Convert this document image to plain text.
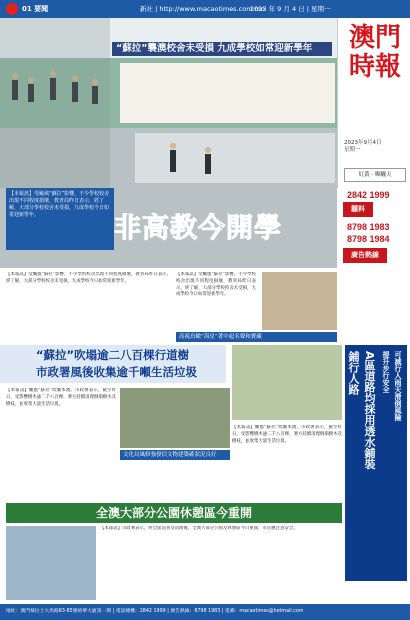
01 要聞	新社 | http://www.macaotimes.com.mo
2023 年 9 月 4 日 | 星期一
“蘇拉”襲澳校舍未受損 九成學校如常迎新學年
【本報訊】受颱風“蘇拉”影響，不少學校校舍出現不同程度損壞，教青局昨日表示，經了解，大部分學校校舍未受損，九成學校今日如常迎新學年。	非高教今開學
澳門時報
2023年9月4日
星期一
紅黃 · 曝曬天
2842 1999
囍料
8798 1983
8798 1984
廣告熱線
【本報訊】受颱風“蘇拉”影響，不少學校校舍出現不同程度損壞，教青局昨日表示，經了解，大部分學校校舍未受損，九成學校今日如常迎新學年。
【本報訊】受颱風“蘇拉”影響，不少學校校舍出現不同程度損壞，教青局昨日表示，經了解，大部分學校校舍未受損，九成學校今日如常迎新學年。
高視鳥瞰“海星”著中起名聲和寶藏
“蘇拉”吹塌逾二八百棵行道樹
市政署風後收集逾千噸生活垃圾
【本報訊】颱風“蘇拉”吹襲本澳，市政署表示，截至昨日，受影響樹木逾二千八百棵，署方持續清理倒塌樹木及樹枝，並收集大量生活垃圾。
文化局風修強發信文物建築確狀況良好
【本報訊】颱風“蘇拉”吹襲本澳，市政署表示，截至昨日，受影響樹木逾二千八百棵，署方持續清理倒塌樹木及樹枝，並收集大量生活垃圾。
全澳大部分公園休憩區今重開
【本報訊】市政署表示，經全面巡查及清理後，全澳大部分公園及休憩區今日重開，市民應注意安全。
可減行人雨天滑倒風險
提升步行安全
A區道路均採用透水鋪裝
鋪行人路
地址：澳門慕拉士大馬路83-85號裕華大廈第一期 | 電話總機：2842 1999 | 廣告熱線：8798 1983 | 電郵：macaotimes@hotmail.com
